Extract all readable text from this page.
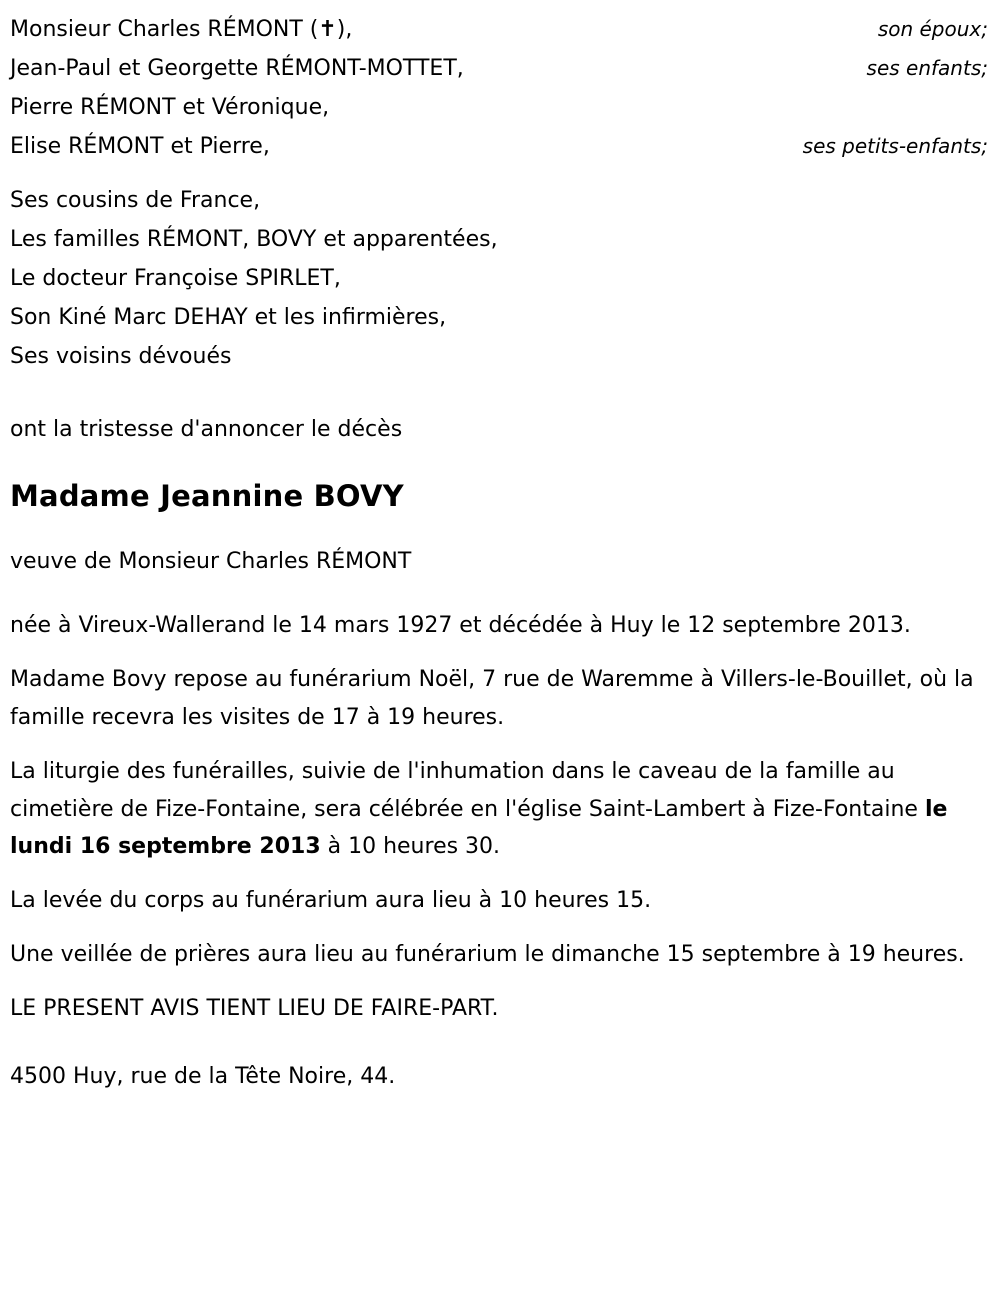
Monsieur Charles RÉMONT (✝),	son époux;
Jean-Paul et Georgette RÉMONT-MOTTET,	ses enfants;
Pierre RÉMONT et Véronique,
Elise RÉMONT et Pierre,	ses petits-enfants;
Ses cousins de France,
Les familles RÉMONT, BOVY et apparentées,
Le docteur Françoise SPIRLET,
Son Kiné Marc DEHAY et les infirmières,
Ses voisins dévoués
ont la tristesse d'annoncer le décès
Madame Jeannine BOVY
veuve de Monsieur Charles RÉMONT
née à Vireux-Wallerand le 14 mars 1927 et décédée à Huy le 12 septembre 2013.
Madame Bovy repose au funérarium Noël, 7 rue de Waremme à Villers-le-Bouillet, où la famille recevra les visites de 17 à 19 heures.
La liturgie des funérailles, suivie de l'inhumation dans le caveau de la famille au cimetière de Fize-Fontaine, sera célébrée en l'église Saint-Lambert à Fize-Fontaine le lundi 16 septembre 2013 à 10 heures 30.
La levée du corps au funérarium aura lieu à 10 heures 15.
Une veillée de prières aura lieu au funérarium le dimanche 15 septembre à 19 heures.
LE PRESENT AVIS TIENT LIEU DE FAIRE-PART.
4500 Huy, rue de la Tête Noire, 44.
